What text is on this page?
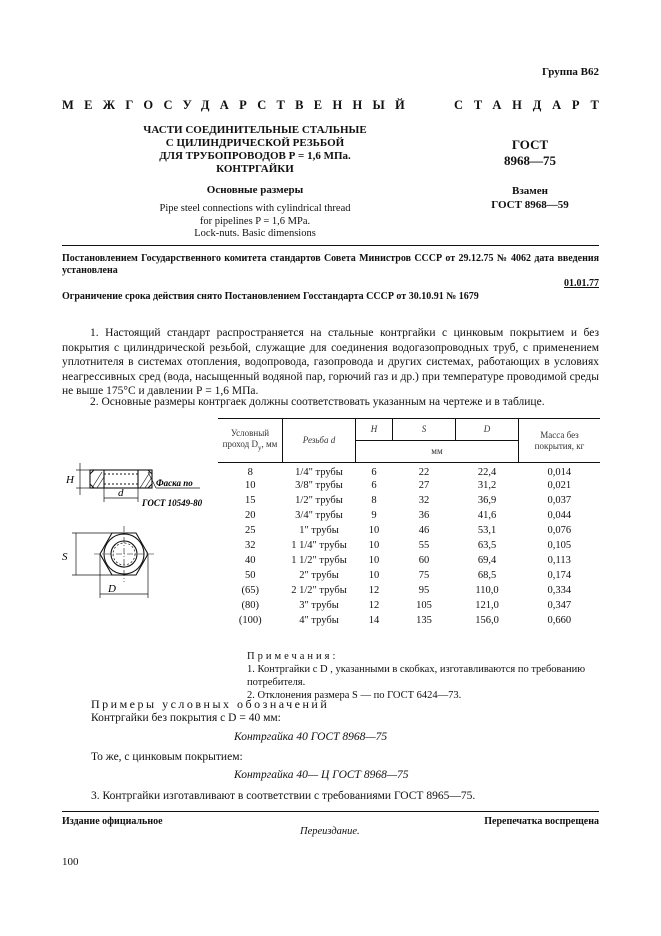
Группа В62
МЕЖГОСУДАРСТВЕННЫЙ	СТАНДАРТ
ЧАСТИ СОЕДИНИТЕЛЬНЫЕ СТАЛЬНЫЕ
С ЦИЛИНДРИЧЕСКОЙ РЕЗЬБОЙ
ДЛЯ ТРУБОПРОВОДОВ Р = 1,6 МПа.
КОНТРГАЙКИ
Основные размеры
Pipe steel connections with cylindrical thread
for pipelines P = 1,6 MPa.
Lock-nuts. Basic dimensions
ГОСТ
8968—75
Взамен
ГОСТ 8968—59
Постановлением Государственного комитета стандартов Совета Министров СССР от 29.12.75 № 4062 дата введения установлена
01.01.77
Ограничение срока действия снято Постановлением Госстандарта СССР от 30.10.91 № 1679
1. Настоящий стандарт распространяется на стальные контргайки с цинковым покрытием и без покрытия с цилиндрической резьбой, служащие для соединения водогазопроводных труб, с применением уплотнителя в системах отопления, водопровода, газопровода и других системах, работающих в условиях неагрессивных сред (вода, насыщенный водяной пар, горючий газ и др.) при температуре проводимой среды не выше 175°С и давлении Р = 1,6 МПа.
2. Основные размеры контргаек должны соответствовать указанным на чертеже и в таблице.
H
d
Фаска по
ГОСТ 10549-80
S
D
Условный проход $D_у$, мм	Резьба d	H	S	D	Масса без покрытия, кг
		мм			
8	1/4" трубы	6	22	22,4	0,014
10	3/8" трубы	6	27	31,2	0,021
15	1/2" трубы	8	32	36,9	0,037
20	3/4" трубы	9	36	41,6	0,044
25	1" трубы	10	46	53,1	0,076
32	1 1/4" трубы	10	55	63,5	0,105
40	1 1/2" трубы	10	60	69,4	0,113
50	2" трубы	10	75	68,5	0,174
(65)	2 1/2" трубы	12	95	110,0	0,334
(80)	3" трубы	12	105	121,0	0,347
(100)	4" трубы	14	135	156,0	0,660
Примечания:
1. Контргайки с D , указанными в скобках, изготавливаются по требованию потребителя.
2. Отклонения размера S — по ГОСТ 6424—73.
Примеры условных обозначений
Контргайки без покрытия с D = 40 мм:
Контргайка 40 ГОСТ 8968—75
То же, с цинковым покрытием:
Контргайка 40— Ц ГОСТ 8968—75
3. Контргайки изготавливают в соответствии с требованиями ГОСТ 8965—75.
Издание официальное	Перепечатка воспрещена
Переиздание.
100
